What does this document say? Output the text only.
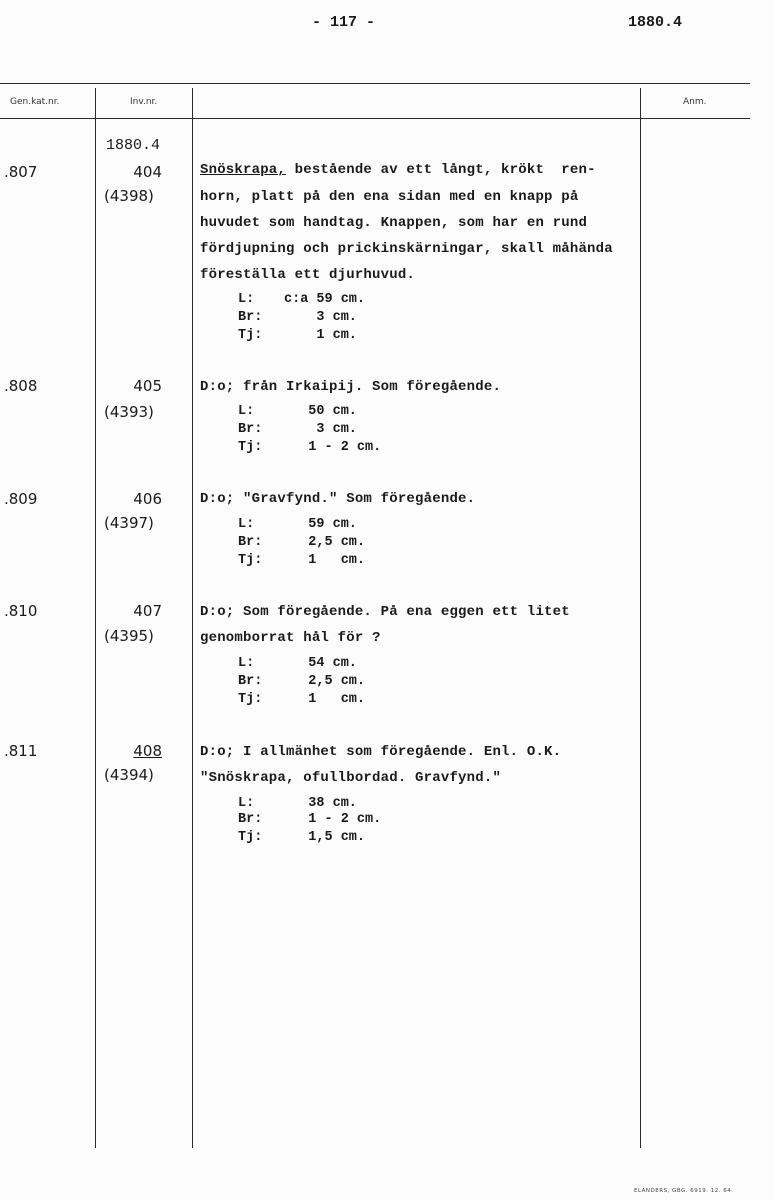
- 117 -	1880.4
Gen.kat.nr.	Inv.nr.	Anm.
1880.4
.807	404
(4398)
Snöskrapa, bestående av ett långt, krökt  ren-
horn, platt på den ena sidan med en knapp på
huvudet som handtag. Knappen, som har en rund
fördjupning och prickinskärningar, skall måhända
föreställa ett djurhuvud.
L: c:a 59 cm.
Br: 3 cm.
Tj: 1 cm.
.808	405
(4393)
D:o; från Irkaipij. Som föregående.
L: 50 cm.
Br: 3 cm.
Tj: 1 - 2 cm.
.809	406
(4397)
D:o; "Gravfynd." Som föregående.
L: 59 cm.
Br: 2,5 cm.
Tj: 1   cm.
.810	407
(4395)
D:o; Som föregående. På ena eggen ett litet
genomborrat hål för ?
L: 54 cm.
Br: 2,5 cm.
Tj: 1   cm.
.811	408
(4394)
D:o; I allmänhet som föregående. Enl. O.K.
"Snöskrapa, ofullbordad. Gravfynd."
L: 38 cm.
Br: 1 - 2 cm.
Tj: 1,5 cm.
ELANDERS, GBG. 6919. 12. 64.
